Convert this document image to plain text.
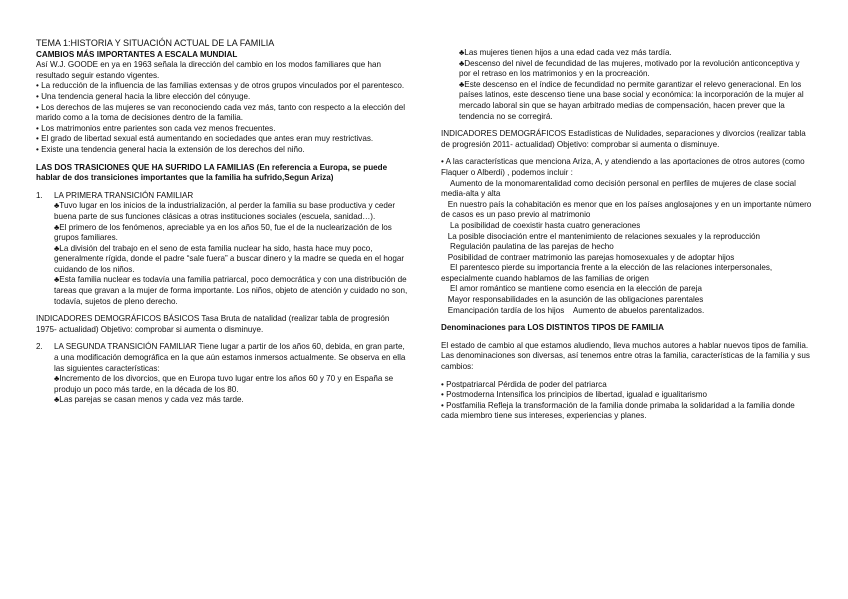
TEMA 1:HISTORIA Y SITUACIÓN ACTUAL DE LA FAMILIA

CAMBIOS MÁS IMPORTANTES A ESCALA MUNDIAL

Así W.J. GOODE en ya en 1963 señala la dirección del cambio en los modos familiares que han resultado seguir estando vigentes.

• La reducción de la influencia de las familias extensas y de otros grupos vinculados por el parentesco.

• Una tendencia general hacia la libre elección del cónyuge.

• Los derechos de las mujeres se van reconociendo cada vez más, tanto con respecto a la elección del marido como a la toma de decisiones dentro de la familia.

• Los matrimonios entre parientes son cada vez menos frecuentes.

• El grado de libertad sexual está aumentando en sociedades que antes eran muy restrictivas.

• Existe una tendencia general hacia la extensión de los derechos del niño.

LAS DOS TRASICIONES QUE HA SUFRIDO LA FAMILIAS (En referencia a Europa, se puede hablar de dos transiciones importantes que la familia ha sufrido,Segun Ariza)

1.	LA PRIMERA TRANSICIÓN FAMILIAR

♣Tuvo lugar en los inicios de la industrialización, al perder la familia su base productiva y ceder buena parte de sus funciones clásicas a otras instituciones sociales (escuela, sanidad…).

♣El primero de los fenómenos, apreciable ya en los años 50, fue el de la nuclearización de los grupos familiares.

♣La división del trabajo en el seno de esta familia nuclear ha sido, hasta hace muy poco, generalmente rígida, donde el padre “sale fuera” a buscar dinero y la madre se queda en el hogar cuidando de los niños.

♣Esta familia nuclear es todavía una familia patriarcal, poco democrática y con una distribución de tareas que gravan a la mujer de forma importante. Los niños, objeto de atención y cuidado no son, todavía, sujetos de pleno derecho.

INDICADORES DEMOGRÁFICOS BÁSICOS Tasa Bruta de natalidad (realizar tabla de progresión 1975- actualidad) Objetivo: comprobar si aumenta o disminuye.

2.	LA SEGUNDA TRANSICIÓN FAMILIAR Tiene lugar a partir de los años 60, debida, en gran parte, a una modificación demográfica en la que aún estamos inmersos actualmente. Se observa en ella las siguientes características:

♣Incremento de los divorcios, que en Europa tuvo lugar entre los años 60 y 70 y en España se produjo un poco más tarde, en la década de los 80.

♣Las parejas se casan menos y cada vez más tarde.

♣Las mujeres tienen hijos a una edad cada vez más tardía.

♣Descenso del nivel de fecundidad de las mujeres, motivado por la revolución anticonceptiva y por el retraso en los matrimonios y en la procreación.

♣Este descenso en el índice de fecundidad no permite garantizar el relevo generacional. En los países latinos, este descenso tiene una base social y económica: la incorporación de la mujer al mercado laboral sin que se hayan arbitrado medias de compensación, hacen prever que la tendencia no se corregirá.

INDICADORES DEMOGRÁFICOS Estadísticas de Nulidades, separaciones y divorcios (realizar tabla de progresión 2011- actualidad) Objetivo: comprobar si aumenta o disminuye.

• A las características que menciona Ariza, A, y atendiendo a las aportaciones de otros autores (como Flaquer o Alberdi) , podemos incluir :

Aumento de la monomarentalidad como decisión personal en perfiles de mujeres de clase social media-alta y alta

En nuestro país la cohabitación es menor que en los países anglosajones y en un importante número de casos es un paso previo al matrimonio

La posibilidad de coexistir hasta cuatro generaciones

La posible disociación entre el mantenimiento de relaciones sexuales y la reproducción

Regulación paulatina de las parejas de hecho

Posibilidad de contraer matrimonio las parejas homosexuales y de adoptar hijos

El parentesco pierde su importancia frente a la elección de las relaciones interpersonales, especialmente cuando hablamos de las familias de origen

El amor romántico se mantiene como esencia en la elección de pareja

Mayor responsabilidades en la asunción de las obligaciones parentales

Emancipación tardía de los hijos    Aumento de abuelos parentalizados.

Denominaciones para LOS DISTINTOS TIPOS DE FAMILIA

El estado de cambio al que estamos aludiendo, lleva muchos autores a hablar nuevos tipos de familia. Las denominaciones son diversas, así tenemos entre otras la familia, características de la familia y sus cambios:

• Postpatriarcal Pérdida de poder del patriarca

• Postmoderna Intensifica los principios de libertad, igualad e igualitarismo

• Postfamilia Refleja la transformación de la familia donde primaba la solidaridad a la familia donde cada miembro tiene sus intereses, experiencias y planes.
